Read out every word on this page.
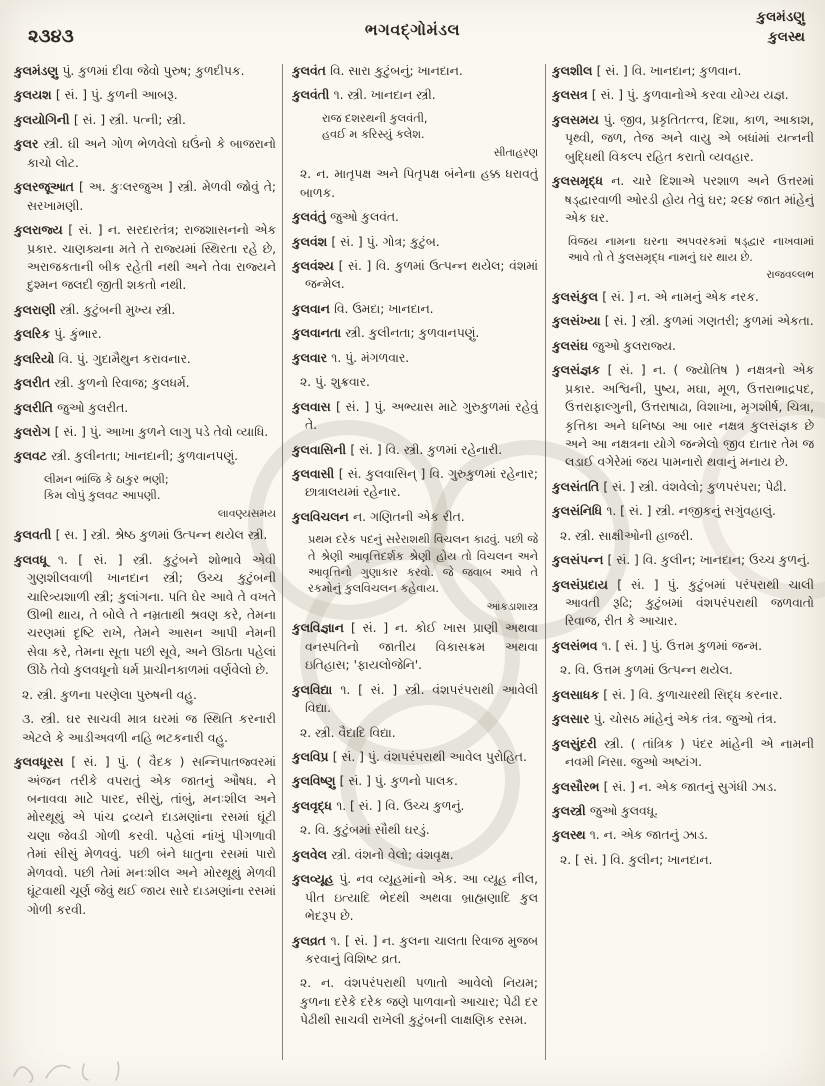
૨૩૪૩	ભગવદ્ગોમંડલ
કુલમંડણુ
કુલસ્થ

કુલમંડણુ પું. કુળમાં દીવા જેવો પુરુષ; કુળદીપક.

કુલયશ [ સં. ] પું. કુળની આબરૂ.

કુલયોગિની [ સં. ] સ્ત્રી. પત્ની; સ્ત્રી.

કુલર સ્ત્રી. ઘી અને ગોળ ભેળવેલો ઘઉંનો કે બાજરાનો કાચો લોટ.

કુલરજૂઆત [ અ. કુઃલરજુઅ ] સ્ત્રી. મેળવી જોવું તે; સરખામણી.

કુલરાજ્ય [ સં. ] ન. સરદારતંત્ર; રાજશાસનનો એક પ્રકાર. ચાણક્યના મતે તે રાજ્યમાં સ્થિરતા રહે છે, અરાજકતાની બીક રહેતી નથી અને તેવા રાજ્યને દુશ્મન જલદી જીતી શકતો નથી.

કુલરાણી સ્ત્રી. કુટુંબની મુખ્ય સ્ત્રી.

કુલરિક પું. કુંભાર.

કુલરિયો વિ. પું. ગુદામૈથુન કરાવનાર.

કુલરીત સ્ત્રી. કુળનો રિવાજ; કુલધર્મ.

કુલરીતિ જુઓ કુલરીત.

કુલરોગ [ સં. ] પું. આખા કુળને લાગુ પડે તેવો વ્યાધિ.

કુલવટ સ્ત્રી. કુલીનતા; ખાનદાની; કુળવાનપણું.

લીમન ભાંજિ કે ઠાકુર ભણી;
કિમ લોપું કુલવટ આપણી.
લાવણ્યસમય

કુલવતી [ સ. ] સ્ત્રી. શ્રેષ્ઠ કુળમાં ઉત્પન્ન થયેલ સ્ત્રી.

કુલવધૂ ૧. [ સં. ] સ્ત્રી. કુટુંબને શોભાવે એવી ગુણશીલવાળી ખાનદાન સ્ત્રી; ઉચ્ચ કુટુંબની ચારિત્ર્યશાળી સ્ત્રી; કુલાંગના. પતિ ઘેર આવે તે વખતે ઊભી થાય, તે બોલે તે નમ્રતાથી શ્રવણ કરે, તેમના ચરણમાં દૃષ્ટિ રાખે, તેમને આસન આપી નેમની સેવા કરે, તેમના સૂતા પછી સૂવે, અને ઊઠતા પહેલાં ઊઠે તેવો કુલવધૂનો ધર્મ પ્રાચીનકાળમાં વર્ણવેલો છે.

૨. સ્ત્રી. કુળના પરણેલા પુરુષની વહુ.

૩. સ્ત્રી. ઘર સાચવી માત્ર ઘરમાં જ સ્થિતિ કરનારી એટલે કે આડીઅવળી નહિ ભટકનારી વહુ.

કુલવધૂરસ [ સં. ] પું. ( વૈદક ) સન્નિપાતજ્વરમાં અંજન તરીકે વપરાતું એક જાતનું ઔષધ. ને બનાવવા માટે પારદ, સીસું, તાંબું, મનઃશીલ અને મોરથૂથું એ પાંચ દ્રવ્યને દાડમણાંના રસમાં ઘૂંટી ચણા જેવડી ગોળી કરવી. પહેલાં નાંખું પીગળાવી તેમાં સીસું મેળવવું. પછી બંને ધાતુના રસમાં પારો મેળવવો. પછી તેમાં મનઃશીલ અને મોરથૂથું મેળવી ઘૂંટવાથી ચૂર્ણ જેવું થઈ જાય સારે દાડમણાંના રસમાં ગોળી કરવી.

કુલવંત વિ. સારા કુટુંબનું; ખાનદાન.

કુલવંતી ૧. સ્ત્રી. ખાનદાન સ્ત્રી.

રાજ દશરથની કુલવંતી,
હવઈ મ કરિસ્યું કલેશ.
સીતાહરણ

૨. ન. માતૃપક્ષ અને પિતૃપક્ષ બંનેના હક્ક ધરાવતું બાળક.

કુલવંતું જુઓ કુલવંત.

કુલવંશ [ સં. ] પું. ગોત્ર; કુટુંબ.

કુલવંશ્ય [ સં. ] વિ. કુળમાં ઉત્પન્ન થયેલ; વંશમાં જન્મેલ.

કુલવાન વિ. ઉમદા; ખાનદાન.

કુલવાનતા સ્ત્રી. કુલીનતા; કુળવાનપણું.

કુલવાર ૧. પું. મંગળવાર.

૨. પું. શુક્રવાર.

કુલવાસ [ સં. ] પું. અભ્યાસ માટે ગુરુકુળમાં રહેવું તે.

કુલવાસિની [ સં. ] વિ. સ્ત્રી. કુળમાં રહેનારી.

કુલવાસી [ સં. કુલવાસિન્ ] વિ. ગુરુકુળમાં રહેનાર; છાત્રાલયમાં રહેનાર.

કુલવિચલન ન. ગણિતની એક રીત.

પ્રથમ દરેક પદનું સરેરાશથી વિચલન કાઢવું. પછી જે તે શ્રેણી આવૃત્તિદર્શક શ્રેણી હોય તો વિચલન અને આવૃત્તિનો ગુણાકાર કરવો. જે જવાબ આવે તે રકમોનું કુલવિચલન કહેવાય.
આંકડાશાસ્ત્ર

કુલવિજ્ઞાન [ સં. ] ન. કોઈ ખાસ પ્રાણી અથવા વનસ્પતિનો જાતીય વિકાસક્રમ અથવા ઇતિહાસ; 'ફાયલોજેનિ'.

કુલવિદ્યા ૧. [ સં. ] સ્ત્રી. વંશપરંપરાથી આવેલી વિદ્યા.

૨. સ્ત્રી. વૈદાદિ વિદ્યા.

કુલવિપ્ર [ સં. ] પું. વંશપરંપરાથી આવેલ પુરોહિત.

કુલવિષ્ણુ [ સં. ] પું. કુળનો પાલક.

કુલવૃદ્ધ ૧. [ સં. ] વિ. ઉચ્ચ કુળનું.

૨. વિ. કુટુંબમાં સૌથી ઘરડું.

કુલવેલ સ્ત્રી. વંશનો વેલો; વંશવૃક્ષ.

કુલવ્યૂહ પું. નવ વ્યૂહમાંનો એક. આ વ્યૂહ નીલ, પીત ઇત્યાદિ ભેદથી અથવા બ્રાહ્મણાદિ કુલ ભેદરૂપ છે.

કુલવ્રત ૧. [ સં. ] ન. કુલના ચાલતા રિવાજ મુજબ કરવાનું વિશિષ્ટ વ્રત.

૨. ન. વંશપરંપરાથી પળાતો આવેલો નિયમ; કુળના દરેકે દરેક જણે પાળવાનો આચાર; પેઢી દર પેઢીથી સાચવી રાખેલી કુટુંબની લાક્ષણિક રસમ.

કુલશીલ [ સં. ] વિ. ખાનદાન; કુળવાન.

કુલસત્ર [ સં. ] પું. કુળવાનોએ કરવા યોગ્ય યજ્ઞ.

કુલસમય પું. જીવ, પ્રકૃતિતત્ત્વ, દિશા, કાળ, આકાશ, પૃથ્વી, જળ, તેજ અને વાયુ એ બધાંમાં યત્નની બુદ્ધિથી વિકલ્પ રહિત કરાતો વ્યવહાર.

કુલસમૃદ્ધ ન. ચારે દિશાએ પરશાળ અને ઉત્તરમાં ષડ્દ્વારવાળી ઓરડી હોય તેવું ઘર; ૨૯૪ જાત માંહેનું એક ઘર.

વિજય નામના ઘરના અપવરકમાં ષડ્દ્વાર નાખવામાં આવે તો તે કુલસમૃદ્ધ નામનું ઘર થાય છે.
રાજવલ્લભ

કુલસંકુલ [ સં. ] ન. એ નામનું એક નરક.

કુલસંખ્યા [ સં. ] સ્ત્રી. કુળમાં ગણતરી; કુળમાં એકતા.

કુલસંઘ જુઓ કુલરાજ્ય.

કુલસંજ્ઞક [ સં. ] ન. ( જ્યોતિષ ) નક્ષત્રનો એક પ્રકાર. અશ્વિની, પુષ્ય, મઘા, મૂળ, ઉત્તરાભાદ્રપદ, ઉત્તરાફાલ્ગુની, ઉત્તરાષાઢા, વિશાખા, મૃગશીર્ષ, ચિત્રા, કૃત્તિકા અને ધનિષ્ઠા આ બાર નક્ષત્ર કુલસંજ્ઞક છે અને આ નક્ષત્રના યોગે જન્મેલો જીવ દાતાર તેમ જ લડાઈ વગેરેમાં જય પામનારો થવાનું મનાય છે.

કુલસંતતિ [ સં. ] સ્ત્રી. વંશવેલો; કુળપરંપરા; પેઢી.

કુલસંનિધિ ૧. [ સં. ] સ્ત્રી. નજીકનું સગુંવહાલું.

૨. સ્ત્રી. સાક્ષીઓની હાજરી.

કુલસંપન્ન [ સં. ] વિ. કુલીન; ખાનદાન; ઉચ્ચ કુળનું.

કુલસંપ્રદાય [ સં. ] પું. કુટુંબમાં પરંપરાથી ચાલી આવતી રૂઢિ; કુટુંબમાં વંશપરંપરાથી જળવાતો રિવાજ, રીત કે આચાર.

કુલસંભવ ૧. [ સં. ] પું. ઉત્તમ કુળમાં જન્મ.

૨. વિ. ઉત્તમ કુળમાં ઉત્પન્ન થયેલ.

કુલસાધક [ સં. ] વિ. કુળાચારથી સિદ્ધ કરનાર.

કુલસાર પું. ચોસઠ માંહેનું એક તંત્ર. જુઓ તંત્ર.

કુલસુંદરી સ્ત્રી. ( તાંત્રિક ) પંદર માંહેની એ નામની નવમી નિસા. જુઓ અષ્ટાંગ.

કુલસૌરભ [ સં. ] ન. એક જાતનું સુગંધી ઝાડ.

કુલસ્ત્રી જુઓ કુલવધૂ.

કુલસ્થ ૧. ન. એક જાતનું ઝાડ.

૨. [ સં. ] વિ. કુલીન; ખાનદાન.
